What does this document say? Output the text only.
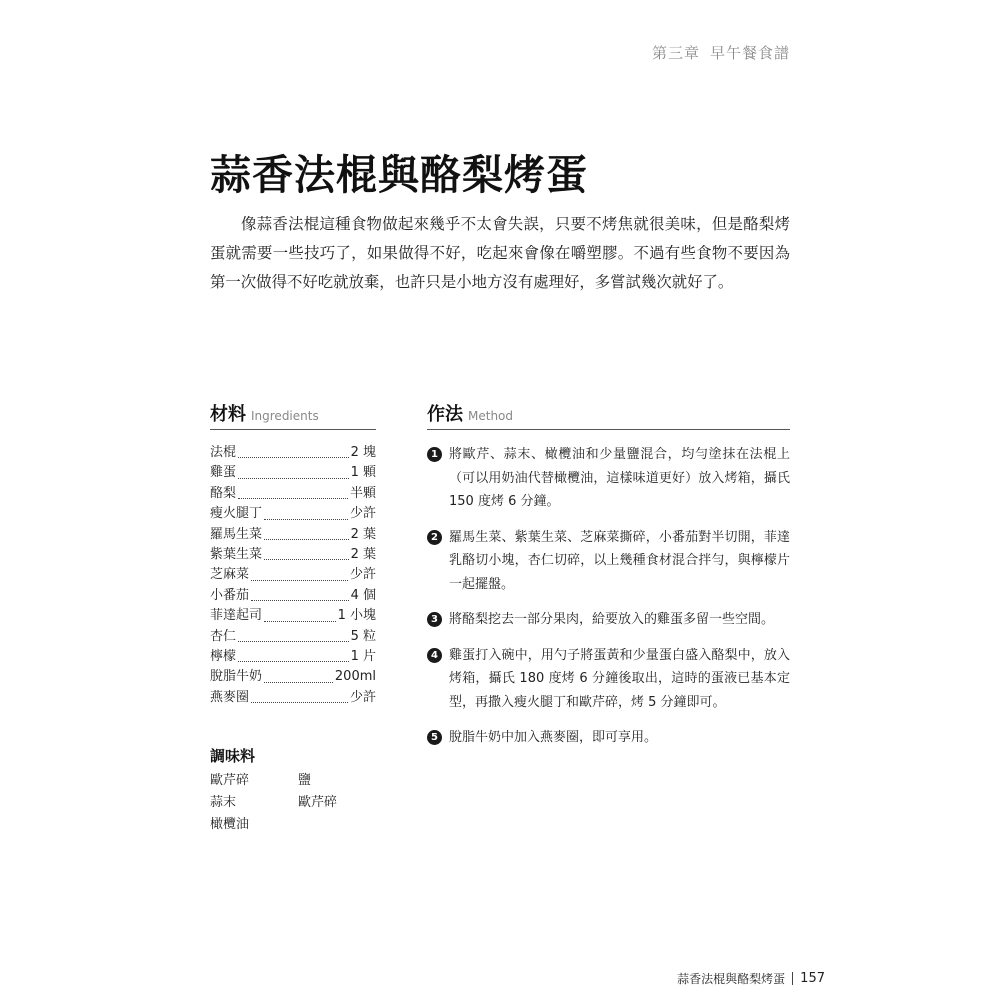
第三章 早午餐食譜
蒜香法棍與酪梨烤蛋

像蒜香法棍這種食物做起來幾乎不太會失誤，只要不烤焦就很美味，但是酪梨烤蛋就需要一些技巧了，如果做得不好，吃起來會像在嚼塑膠。不過有些食物不要因為第一次做得不好吃就放棄，也許只是小地方沒有處理好，多嘗試幾次就好了。

材料 Ingredients	作法 Method
法棍	2 塊
雞蛋	1 顆
酪梨	半顆
瘦火腿丁	少許
羅馬生菜	2 葉
紫葉生菜	2 葉
芝麻菜	少許
小番茄	4 個
菲達起司	1 小塊
杏仁	5 粒
檸檬	1 片
脫脂牛奶	200ml
燕麥圈	少許
調味料
歐芹碎	鹽
蒜末	歐芹碎
橄欖油
1 將歐芹、蒜末、橄欖油和少量鹽混合，均勻塗抹在法棍上（可以用奶油代替橄欖油，這樣味道更好）放入烤箱，攝氏 150 度烤 6 分鐘。
2 羅馬生菜、紫葉生菜、芝麻菜撕碎，小番茄對半切開，菲達乳酪切小塊，杏仁切碎，以上幾種食材混合拌勻，與檸檬片一起擺盤。
3 將酪梨挖去一部分果肉，給要放入的雞蛋多留一些空間。
4 雞蛋打入碗中，用勺子將蛋黃和少量蛋白盛入酪梨中，放入烤箱，攝氏 180 度烤 6 分鐘後取出，這時的蛋液已基本定型，再撒入瘦火腿丁和歐芹碎，烤 5 分鐘即可。
5 脫脂牛奶中加入燕麥圈，即可享用。
蒜香法棍與酪梨烤蛋 157
